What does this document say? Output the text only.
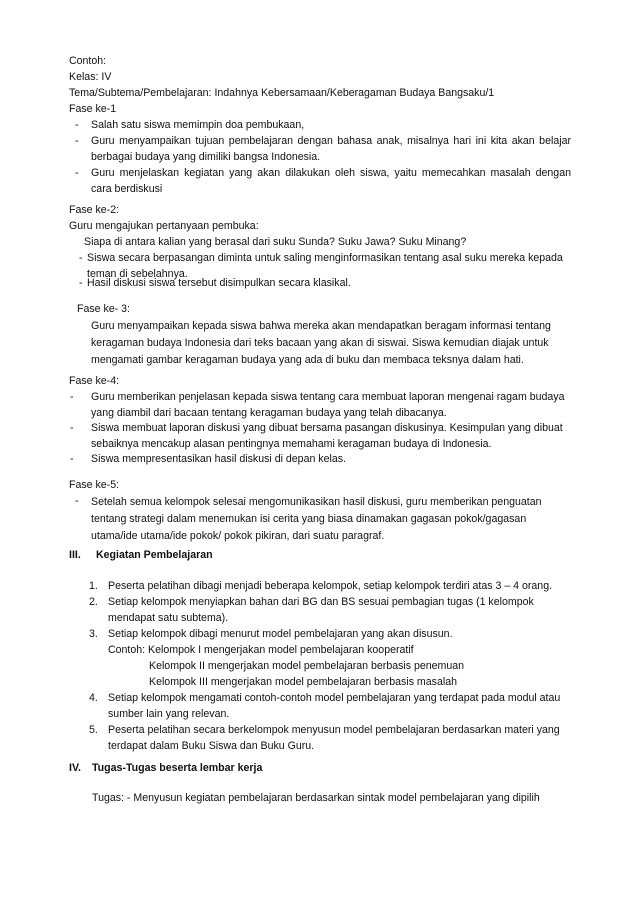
Contoh:
Kelas: IV
Tema/Subtema/Pembelajaran: Indahnya Kebersamaan/Keberagaman Budaya Bangsaku/1
Fase ke-1
- Salah satu siswa memimpin doa pembukaan,
- Guru menyampaikan tujuan pembelajaran dengan bahasa anak, misalnya hari ini kita akan belajar berbagai budaya yang dimiliki bangsa Indonesia.
- Guru menjelaskan kegiatan yang akan dilakukan oleh siswa, yaitu memecahkan masalah dengan cara berdiskusi
Fase ke-2:
Guru mengajukan pertanyaan pembuka:
Siapa di antara kalian yang berasal dari suku Sunda? Suku Jawa? Suku Minang?
- Siswa secara berpasangan diminta untuk saling menginformasikan tentang asal suku mereka kepada teman di sebelahnya.
- Hasil diskusi siswa tersebut disimpulkan secara klasikal.
Fase ke- 3:
Guru menyampaikan kepada siswa bahwa mereka akan mendapatkan beragam informasi tentang keragaman budaya Indonesia dari teks bacaan yang akan di siswai. Siswa kemudian diajak untuk mengamati gambar keragaman budaya yang ada di buku dan membaca teksnya dalam hati.
Fase ke-4:
- Guru memberikan penjelasan kepada siswa tentang cara membuat laporan mengenai ragam budaya yang diambil dari bacaan tentang keragaman budaya yang telah dibacanya.
- Siswa membuat laporan diskusi yang dibuat bersama pasangan diskusinya. Kesimpulan yang dibuat sebaiknya mencakup alasan pentingnya memahami keragaman budaya di Indonesia.
- Siswa mempresentasikan hasil diskusi di depan kelas.
Fase ke-5:
- Setelah semua kelompok selesai mengomunikasikan hasil diskusi, guru memberikan penguatan tentang strategi dalam menemukan isi cerita yang biasa dinamakan gagasan pokok/gagasan utama/ide utama/ide pokok/ pokok pikiran, dari suatu paragraf.
III. Kegiatan Pembelajaran
1. Peserta pelatihan dibagi menjadi beberapa kelompok, setiap kelompok terdiri atas 3 – 4 orang.
2. Setiap kelompok menyiapkan bahan dari BG dan BS sesuai pembagian tugas (1 kelompok mendapat satu subtema).
3. Setiap kelompok dibagi menurut model pembelajaran yang akan disusun.
Contoh: Kelompok I mengerjakan model pembelajaran kooperatif
Kelompok II mengerjakan model pembelajaran berbasis penemuan
Kelompok III mengerjakan model pembelajaran berbasis masalah
4. Setiap kelompok mengamati contoh-contoh model pembelajaran yang terdapat pada modul atau sumber lain yang relevan.
5. Peserta pelatihan secara berkelompok menyusun model pembelajaran berdasarkan materi yang terdapat dalam Buku Siswa dan Buku Guru.
IV. Tugas-Tugas beserta lembar kerja
Tugas: - Menyusun kegiatan pembelajaran berdasarkan sintak model pembelajaran yang dipilih
